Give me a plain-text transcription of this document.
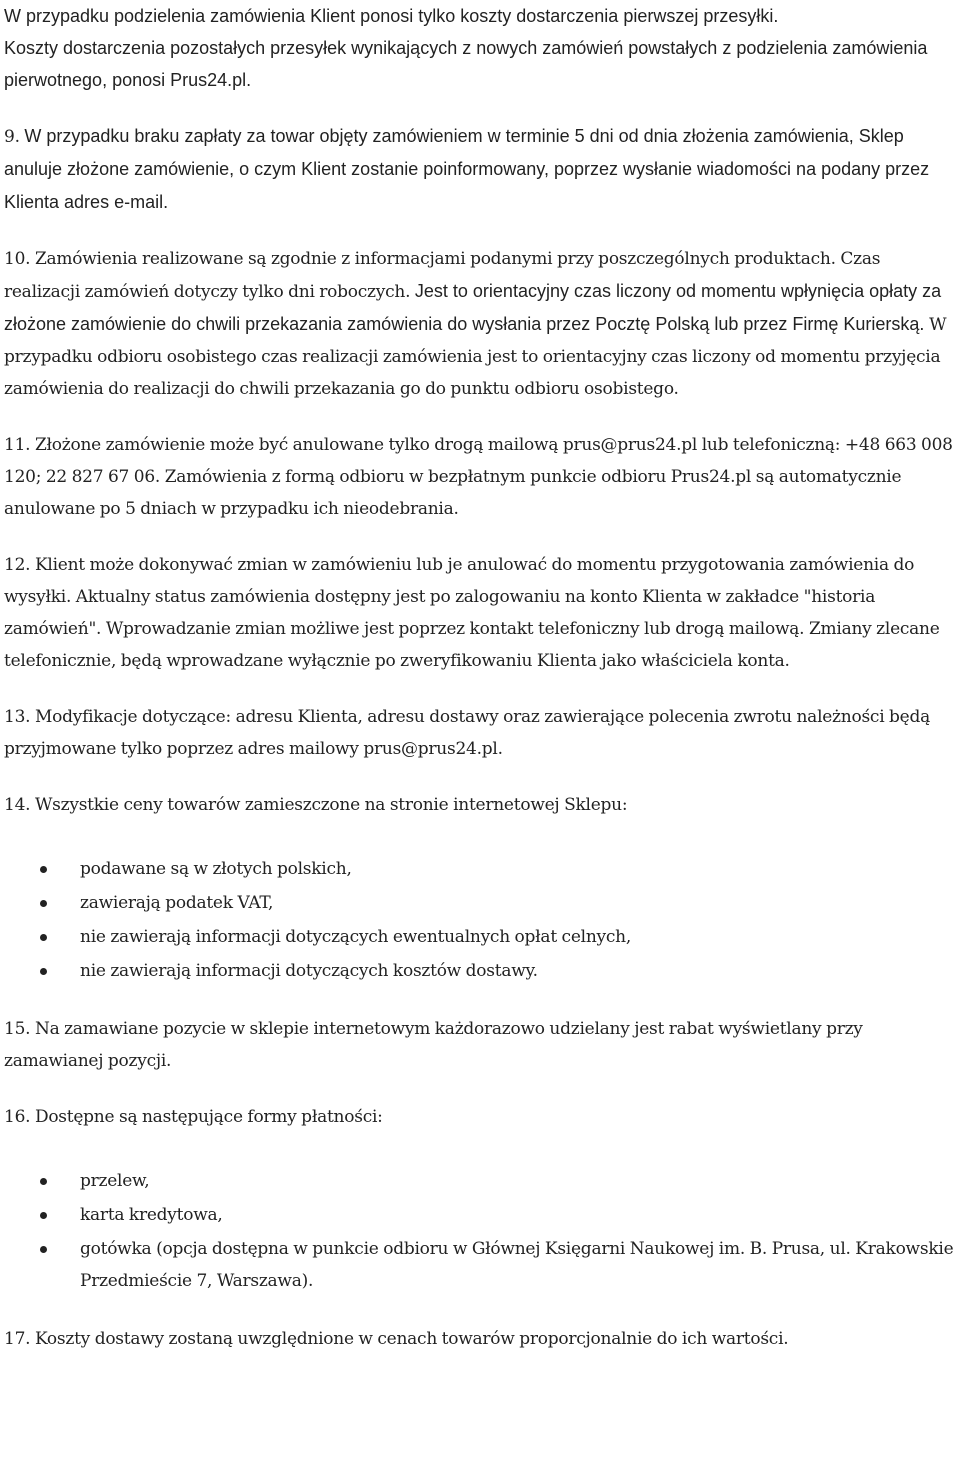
W przypadku podzielenia zamówienia Klient ponosi tylko koszty dostarczenia pierwszej przesyłki.
Koszty dostarczenia pozostałych przesyłek wynikających z nowych zamówień powstałych z podzielenia zamówienia pierwotnego, ponosi Prus24.pl.

9. W przypadku braku zapłaty za towar objęty zamówieniem w terminie 5 dni od dnia złożenia zamówienia, Sklep anuluje złożone zamówienie, o czym Klient zostanie poinformowany, poprzez wysłanie wiadomości na podany przez Klienta adres e-mail.

10. Zamówienia realizowane są zgodnie z informacjami podanymi przy poszczególnych produktach. Czas realizacji zamówień dotyczy tylko dni roboczych. Jest to orientacyjny czas liczony od momentu wpłynięcia opłaty za złożone zamówienie do chwili przekazania zamówienia do wysłania przez Pocztę Polską lub przez Firmę Kurierską. W przypadku odbioru osobistego czas realizacji zamówienia jest to orientacyjny czas liczony od momentu przyjęcia zamówienia do realizacji do chwili przekazania go do punktu odbioru osobistego.

11. Złożone zamówienie może być anulowane tylko drogą mailową prus@prus24.pl lub telefoniczną: +48 663 008 120; 22 827 67 06. Zamówienia z formą odbioru w bezpłatnym punkcie odbioru Prus24.pl są automatycznie anulowane po 5 dniach w przypadku ich nieodebrania.

12. Klient może dokonywać zmian w zamówieniu lub je anulować do momentu przygotowania zamówienia do wysyłki. Aktualny status zamówienia dostępny jest po zalogowaniu na konto Klienta w zakładce "historia zamówień". Wprowadzanie zmian możliwe jest poprzez kontakt telefoniczny lub drogą mailową. Zmiany zlecane telefonicznie, będą wprowadzane wyłącznie po zweryfikowaniu Klienta jako właściciela konta.

13. Modyfikacje dotyczące: adresu Klienta, adresu dostawy oraz zawierające polecenia zwrotu należności będą przyjmowane tylko poprzez adres mailowy prus@prus24.pl.

14. Wszystkie ceny towarów zamieszczone na stronie internetowej Sklepu:

podawane są w złotych polskich,
zawierają podatek VAT,
nie zawierają informacji dotyczących ewentualnych opłat celnych,
nie zawierają informacji dotyczących kosztów dostawy.

15. Na zamawiane pozycie w sklepie internetowym każdorazowo udzielany jest rabat wyświetlany przy zamawianej pozycji.

16. Dostępne są następujące formy płatności:

przelew,
karta kredytowa,
gotówka (opcja dostępna w punkcie odbioru w Głównej Księgarni Naukowej im. B. Prusa, ul. Krakowskie Przedmieście 7, Warszawa).

17. Koszty dostawy zostaną uwzględnione w cenach towarów proporcjonalnie do ich wartości.
